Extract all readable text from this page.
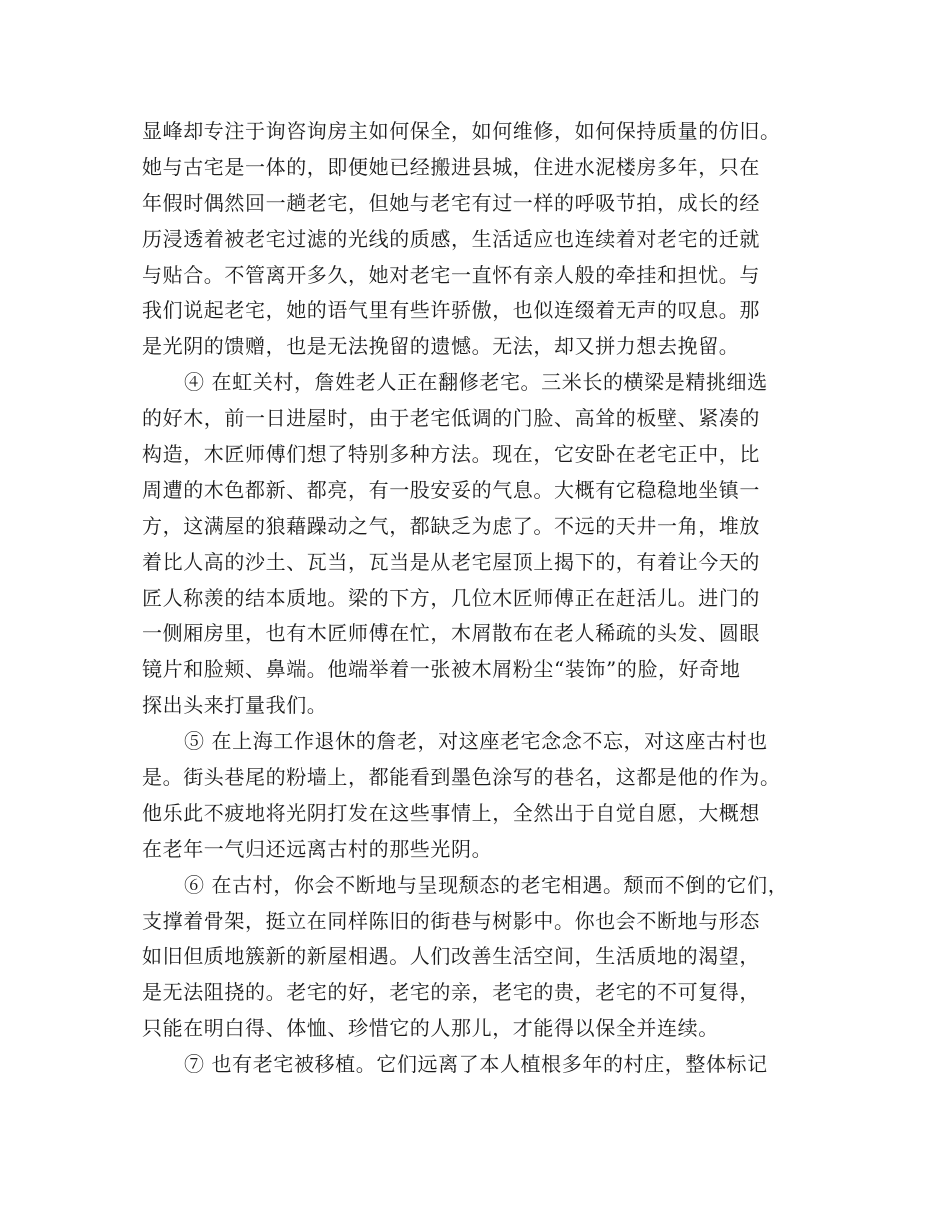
显峰却专注于询咨询房主如何保全，如何维修，如何保持质量的仿旧。
她与古宅是一体的，即便她已经搬进县城，住进水泥楼房多年，只在
年假时偶然回一趟老宅，但她与老宅有过一样的呼吸节拍，成长的经
历浸透着被老宅过滤的光线的质感，生活适应也连续着对老宅的迁就
与贴合。不管离开多久，她对老宅一直怀有亲人般的牵挂和担忧。与
我们说起老宅，她的语气里有些许骄傲，也似连缀着无声的叹息。那
是光阴的馈赠，也是无法挽留的遗憾。无法，却又拼力想去挽留。
④ 在虹关村，詹姓老人正在翻修老宅。三米长的横梁是精挑细选
的好木，前一日进屋时，由于老宅低调的门脸、高耸的板壁、紧凑的
构造，木匠师傅们想了特别多种方法。现在，它安卧在老宅正中，比
周遭的木色都新、都亮，有一股安妥的气息。大概有它稳稳地坐镇一
方，这满屋的狼藉躁动之气，都缺乏为虑了。不远的天井一角，堆放
着比人高的沙土、瓦当，瓦当是从老宅屋顶上揭下的，有着让今天的
匠人称羡的结本质地。梁的下方，几位木匠师傅正在赶活儿。进门的
一侧厢房里，也有木匠师傅在忙，木屑散布在老人稀疏的头发、圆眼
镜片和脸颊、鼻端。他端举着一张被木屑粉尘“装饰”的脸，好奇地
探出头来打量我们。
⑤ 在上海工作退休的詹老，对这座老宅念念不忘，对这座古村也
是。街头巷尾的粉墙上，都能看到墨色涂写的巷名，这都是他的作为。
他乐此不疲地将光阴打发在这些事情上，全然出于自觉自愿，大概想
在老年一气归还远离古村的那些光阴。
⑥ 在古村，你会不断地与呈现颓态的老宅相遇。颓而不倒的它们，
支撑着骨架，挺立在同样陈旧的街巷与树影中。你也会不断地与形态
如旧但质地簇新的新屋相遇。人们改善生活空间，生活质地的渴望，
是无法阻挠的。老宅的好，老宅的亲，老宅的贵，老宅的不可复得，
只能在明白得、体恤、珍惜它的人那儿，才能得以保全并连续。
⑦ 也有老宅被移植。它们远离了本人植根多年的村庄，整体标记
